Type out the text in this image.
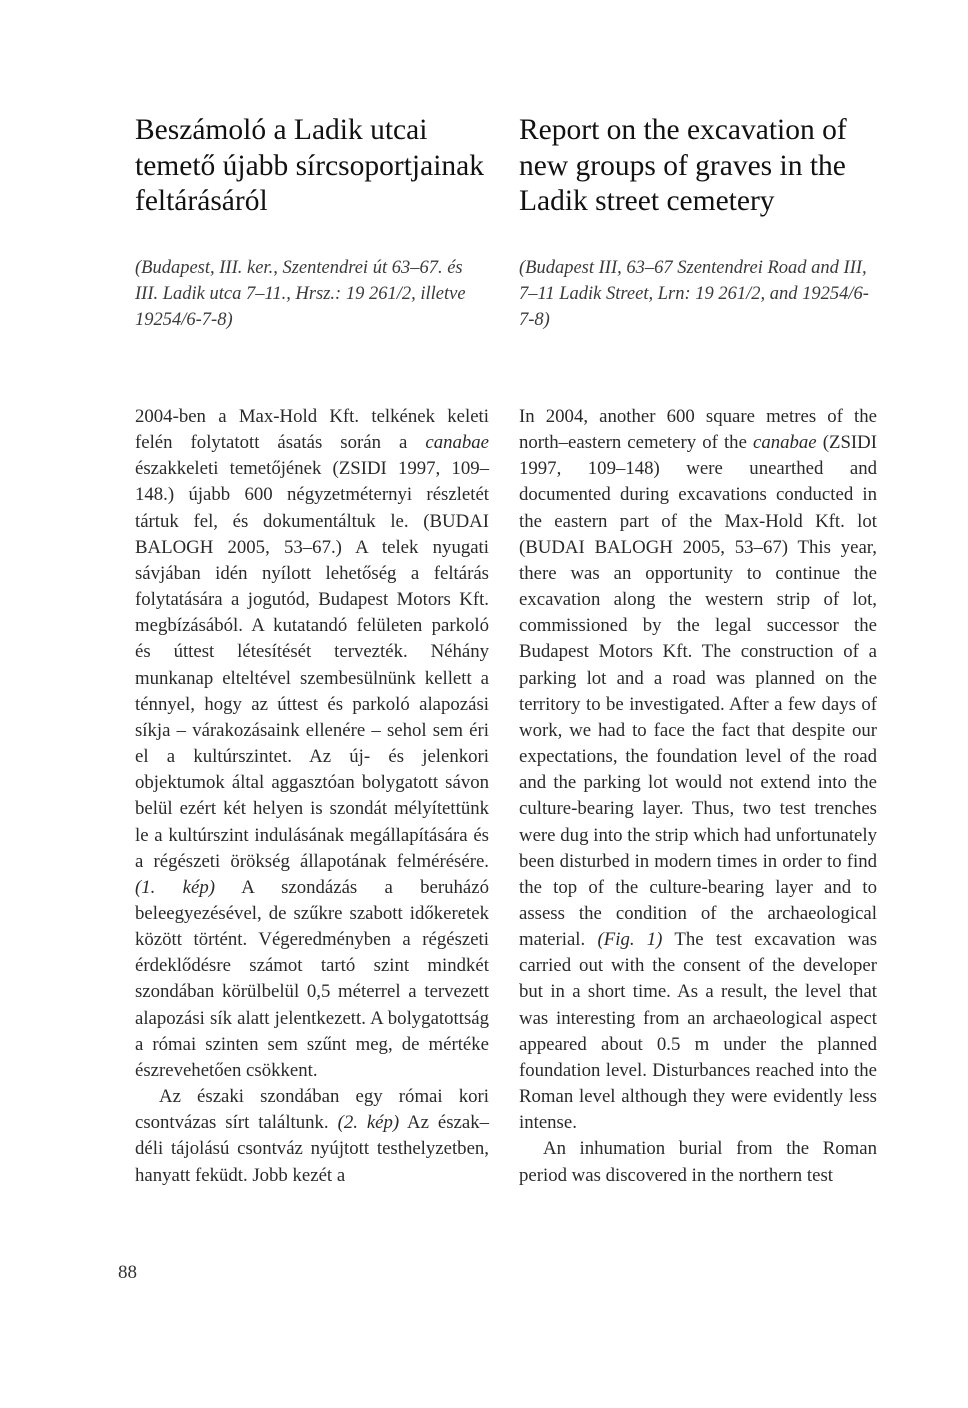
Beszámoló a Ladik utcai temető újabb sírcsoportjainak feltárásáról

(Budapest, III. ker., Szentendrei út 63–67. és III. Ladik utca 7–11., Hrsz.: 19 261/2, illetve 19254/6-7-8)

Report on the excavation of new groups of graves in the Ladik street cemetery

(Budapest III, 63–67 Szentendrei Road and III, 7–11 Ladik Street, Lrn: 19 261/2, and 19254/6-7-8)

2004-ben a Max-Hold Kft. telkének keleti felén folytatott ásatás során a canabae északkeleti temetőjének (ZSIDI 1997, 109–148.) újabb 600 négyzetméternyi részletét tártuk fel, és dokumentáltuk le. (BUDAI BALOGH 2005, 53–67.) A telek nyugati sávjában idén nyílott lehetőség a feltárás folytatására a jogutód, Budapest Motors Kft. megbízásából. A kutatandó felületen parkoló és úttest létesítését tervezték. Néhány munkanap elteltével szembesülnünk kellett a ténnyel, hogy az úttest és parkoló alapozási síkja – várakozásaink ellenére – sehol sem éri el a kultúrszintet. Az új- és jelenkori objektumok által aggasztóan bolygatott sávon belül ezért két helyen is szondát mélyítettünk le a kultúrszint indulásának megállapítására és a régészeti örökség állapotának felmérésére. (1. kép) A szondázás a beruházó beleegyezésével, de szűkre szabott időkeretek között történt. Végeredményben a régészeti érdeklődésre számot tartó szint mindkét szondában körülbelül 0,5 méterrel a tervezett alapozási sík alatt jelentkezett. A bolygatottság a római szinten sem szűnt meg, de mértéke észrevehetően csökkent.

Az északi szondában egy római kori csontvázas sírt találtunk. (2. kép) Az észak–déli tájolású csontváz nyújtott testhelyzetben, hanyatt feküdt. Jobb kezét a

In 2004, another 600 square metres of the north–eastern cemetery of the canabae (ZSIDI 1997, 109–148) were unearthed and documented during excavations conducted in the eastern part of the Max-Hold Kft. lot (BUDAI BALOGH 2005, 53–67) This year, there was an opportunity to continue the excavation along the western strip of lot, commissioned by the legal successor the Budapest Motors Kft. The construction of a parking lot and a road was planned on the territory to be investigated. After a few days of work, we had to face the fact that despite our expectations, the foundation level of the road and the parking lot would not extend into the culture-bearing layer. Thus, two test trenches were dug into the strip which had unfortunately been disturbed in modern times in order to find the top of the culture-bearing layer and to assess the condition of the archaeological material. (Fig. 1) The test excavation was carried out with the consent of the developer but in a short time. As a result, the level that was interesting from an archaeological aspect appeared about 0.5 m under the planned foundation level. Disturbances reached into the Roman level although they were evidently less intense.

An inhumation burial from the Roman period was discovered in the northern test

88
